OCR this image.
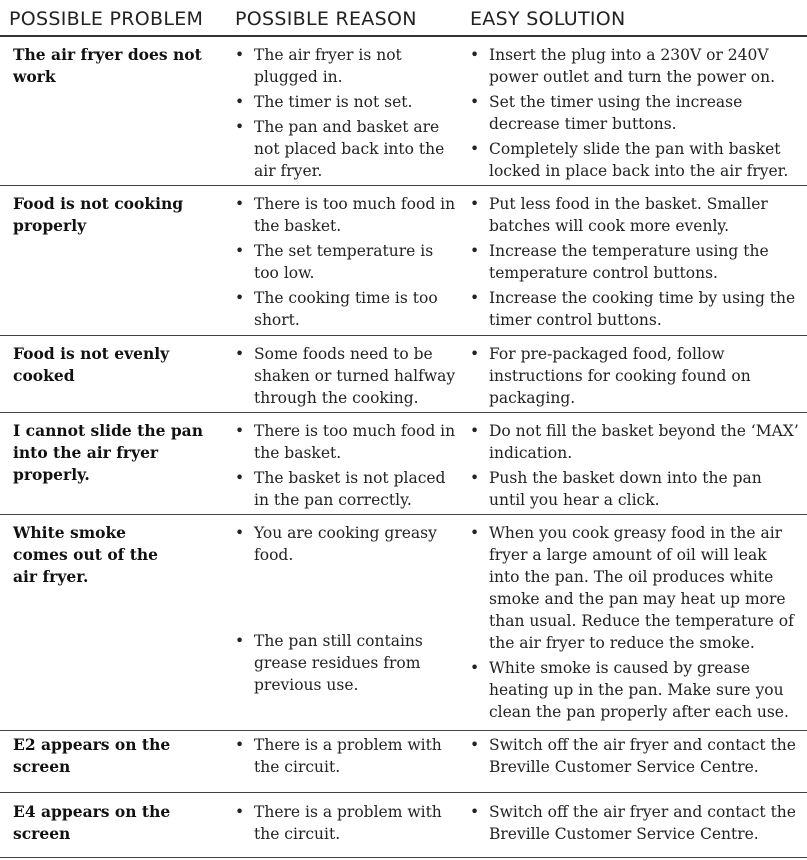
POSSIBLE PROBLEM POSSIBLE REASON	EASY SOLUTION
The air fryer does not work
• The air fryer is not plugged in.
• The timer is not set.
• The pan and basket are not placed back into the air fryer.
• Insert the plug into a 230V or 240V power outlet and turn the power on.
• Set the timer using the increase decrease timer buttons.
• Completely slide the pan with basket locked in place back into the air fryer.
Food is not cooking properly
• There is too much food in the basket.
• The set temperature is too low.
• The cooking time is too short.
• Put less food in the basket. Smaller batches will cook more evenly.
• Increase the temperature using the temperature control buttons.
• Increase the cooking time by using the timer control buttons.
Food is not evenly cooked
• Some foods need to be shaken or turned halfway through the cooking.
• For pre-packaged food, follow instructions for cooking found on packaging.
I cannot slide the pan into the air fryer properly.
• There is too much food in the basket.
• The basket is not placed in the pan correctly.
• Do not fill the basket beyond the ‘MAX’ indication.
• Push the basket down into the pan until you hear a click.
White smoke comes out of the air fryer.
• You are cooking greasy food.
• The pan still contains grease residues from previous use.
• When you cook greasy food in the air fryer a large amount of oil will leak into the pan. The oil produces white smoke and the pan may heat up more than usual. Reduce the temperature of the air fryer to reduce the smoke.
• White smoke is caused by grease heating up in the pan. Make sure you clean the pan properly after each use.
E2 appears on the screen
• There is a problem with the circuit.
• Switch off the air fryer and contact the Breville Customer Service Centre.
E4 appears on the screen
• There is a problem with the circuit.
• Switch off the air fryer and contact the Breville Customer Service Centre.
